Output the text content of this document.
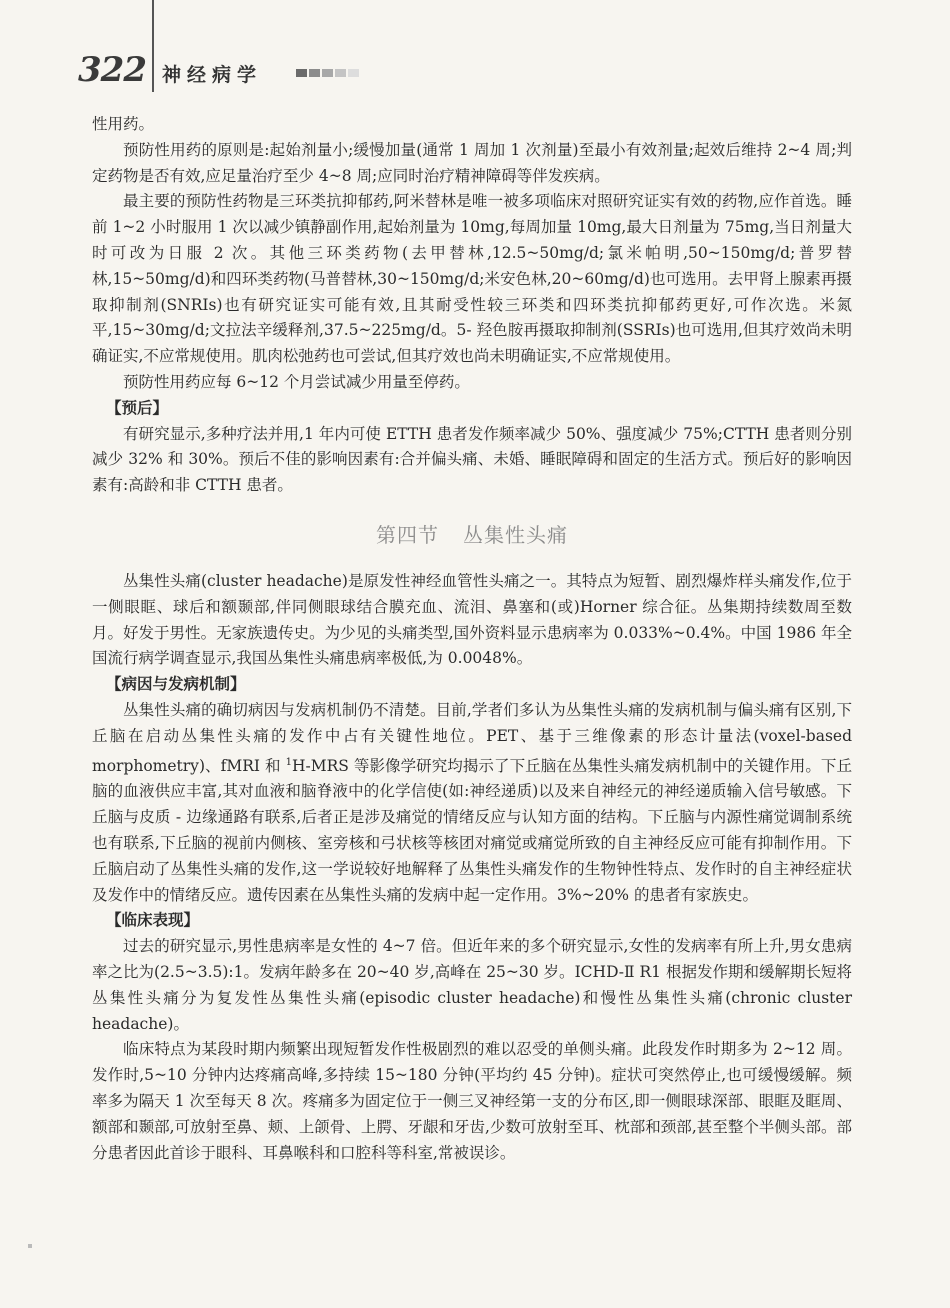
322 神经病学

性用药。

预防性用药的原则是:起始剂量小;缓慢加量(通常 1 周加 1 次剂量)至最小有效剂量;起效后维持 2~4 周;判定药物是否有效,应足量治疗至少 4~8 周;应同时治疗精神障碍等伴发疾病。

最主要的预防性药物是三环类抗抑郁药,阿米替林是唯一被多项临床对照研究证实有效的药物,应作首选。睡前 1~2 小时服用 1 次以减少镇静副作用,起始剂量为 10mg,每周加量 10mg,最大日剂量为 75mg,当日剂量大时可改为日服 2 次。其他三环类药物(去甲替林,12.5~50mg/d;氯米帕明,50~150mg/d;普罗替林,15~50mg/d)和四环类药物(马普替林,30~150mg/d;米安色林,20~60mg/d)也可选用。去甲肾上腺素再摄取抑制剂(SNRIs)也有研究证实可能有效,且其耐受性较三环类和四环类抗抑郁药更好,可作次选。米氮平,15~30mg/d;文拉法辛缓释剂,37.5~225mg/d。5- 羟色胺再摄取抑制剂(SSRIs)也可选用,但其疗效尚未明确证实,不应常规使用。肌肉松弛药也可尝试,但其疗效也尚未明确证实,不应常规使用。

预防性用药应每 6~12 个月尝试减少用量至停药。

【预后】

有研究显示,多种疗法并用,1 年内可使 ETTH 患者发作频率减少 50%、强度减少 75%;CTTH 患者则分别减少 32% 和 30%。预后不佳的影响因素有:合并偏头痛、未婚、睡眠障碍和固定的生活方式。预后好的影响因素有:高龄和非 CTTH 患者。

第四节 丛集性头痛

丛集性头痛(cluster headache)是原发性神经血管性头痛之一。其特点为短暂、剧烈爆炸样头痛发作,位于一侧眼眶、球后和额颞部,伴同侧眼球结合膜充血、流泪、鼻塞和(或)Horner 综合征。丛集期持续数周至数月。好发于男性。无家族遗传史。为少见的头痛类型,国外资料显示患病率为 0.033%~0.4%。中国 1986 年全国流行病学调查显示,我国丛集性头痛患病率极低,为 0.0048%。

【病因与发病机制】

丛集性头痛的确切病因与发病机制仍不清楚。目前,学者们多认为丛集性头痛的发病机制与偏头痛有区别,下丘脑在启动丛集性头痛的发作中占有关键性地位。PET、基于三维像素的形态计量法(voxel-based morphometry)、fMRI 和 $^1$H-MRS 等影像学研究均揭示了下丘脑在丛集性头痛发病机制中的关键作用。下丘脑的血液供应丰富,其对血液和脑脊液中的化学信使(如:神经递质)以及来自神经元的神经递质输入信号敏感。下丘脑与皮质 - 边缘通路有联系,后者正是涉及痛觉的情绪反应与认知方面的结构。下丘脑与内源性痛觉调制系统也有联系,下丘脑的视前内侧核、室旁核和弓状核等核团对痛觉或痛觉所致的自主神经反应可能有抑制作用。下丘脑启动了丛集性头痛的发作,这一学说较好地解释了丛集性头痛发作的生物钟性特点、发作时的自主神经症状及发作中的情绪反应。遗传因素在丛集性头痛的发病中起一定作用。3%~20% 的患者有家族史。

【临床表现】

过去的研究显示,男性患病率是女性的 4~7 倍。但近年来的多个研究显示,女性的发病率有所上升,男女患病率之比为(2.5~3.5):1。发病年龄多在 20~40 岁,高峰在 25~30 岁。ICHD-Ⅱ R1 根据发作期和缓解期长短将丛集性头痛分为复发性丛集性头痛(episodic cluster headache)和慢性丛集性头痛(chronic cluster headache)。

临床特点为某段时期内频繁出现短暂发作性极剧烈的难以忍受的单侧头痛。此段发作时期多为 2~12 周。发作时,5~10 分钟内达疼痛高峰,多持续 15~180 分钟(平均约 45 分钟)。症状可突然停止,也可缓慢缓解。频率多为隔天 1 次至每天 8 次。疼痛多为固定位于一侧三叉神经第一支的分布区,即一侧眼球深部、眼眶及眶周、额部和颞部,可放射至鼻、颊、上颌骨、上腭、牙龈和牙齿,少数可放射至耳、枕部和颈部,甚至整个半侧头部。部分患者因此首诊于眼科、耳鼻喉科和口腔科等科室,常被误诊。
